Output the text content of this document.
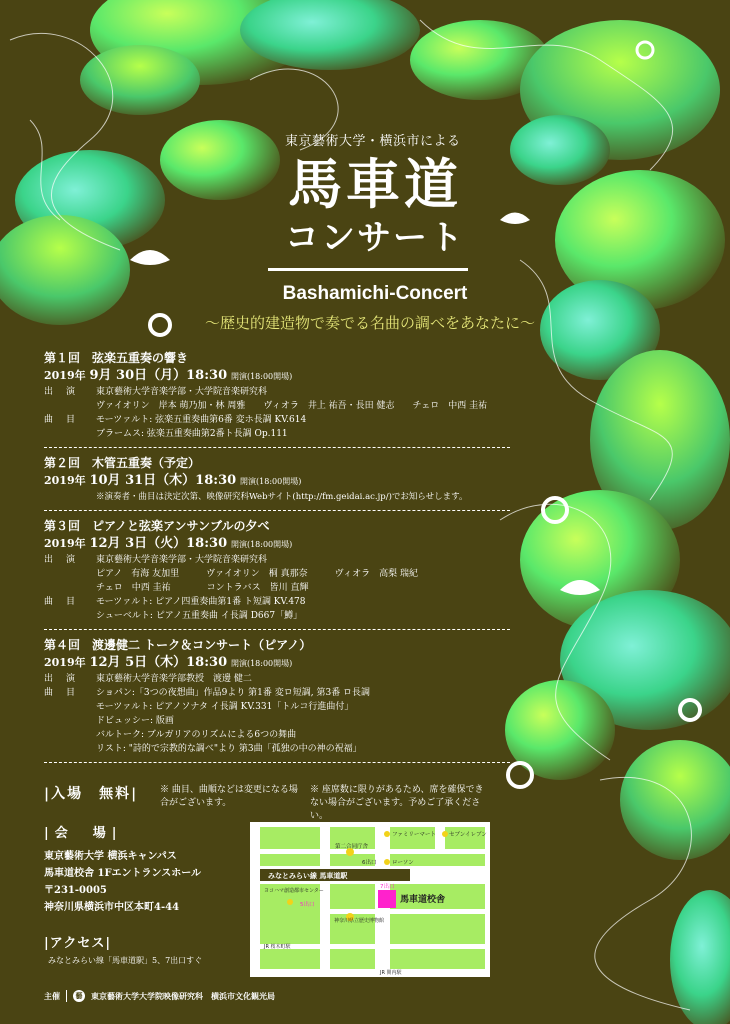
東京藝術大学・横浜市による
馬車道
コンサート
Bashamichi-Concert
〜歴史的建造物で奏でる名曲の調べをあなたに〜
第１回　弦楽五重奏の響き
2019年 9月 30日（月）18:30 開演(18:00開場)
出　演	東京藝術大学音楽学部・大学院音楽研究科
ヴァイオリン　岸本 萌乃加・林 周雅　　ヴィオラ　井上 祐吾・長田 健志　　チェロ　中西 圭祐
曲　目	モーツァルト: 弦楽五重奏曲第6番 変ホ長調 KV.614
ブラームス: 弦楽五重奏曲第2番ト長調 Op.111
第２回　木管五重奏（予定）
2019年 10月 31日（木）18:30 開演(18:00開場)
※演奏者・曲目は決定次第、映像研究科Webサイト(http://fm.geidai.ac.jp/)でお知らせします。
第３回　ピアノと弦楽アンサンブルの夕べ
2019年 12月 3日（火）18:30 開演(18:00開場)
出　演	東京藝術大学音楽学部・大学院音楽研究科
ピアノ　有海 友加里　　　ヴァイオリン　桐 真那奈　　　ヴィオラ　高梨 瑞紀
チェロ　中西 圭祐　　　　コントラバス　皆川 直輝
曲　目	モーツァルト: ピアノ四重奏曲第1番 ト短調 KV.478
シューベルト: ピアノ五重奏曲 イ長調 D667「鱒」
第４回　渡邊健二 トーク＆コンサート（ピアノ）
2019年 12月 5日（木）18:30 開演(18:00開場)
出　演	東京藝術大学音楽学部教授　渡邊 健二
曲　目	ショパン:「3つの夜想曲」作品9より 第1番 変ロ短調, 第3番 ロ長調
モーツァルト: ピアノソナタ イ長調 KV.331「トルコ行進曲付」
ドビュッシー: 版画
バルトーク: ブルガリアのリズムによる6つの舞曲
リスト: "詩的で宗教的な調べ"より 第3曲「孤独の中の神の祝福」
|入場　無料| ※ 曲目、曲順などは変更になる場合がございます。
※ 座席数に限りがあるため、席を確保できない場合がございます。予めご了承ください。
|会　場|
東京藝術大学 横浜キャンパス
馬車道校舎 1Fエントランスホール
〒231-0005
神奈川県横浜市中区本町4-44
|アクセス|
みなとみらい線「馬車道駅」5、7出口すぐ
主催	藝	東京藝術大学大学院映像研究科　横浜市文化観光局
みなとみらい線 馬車道駅
馬車道校舎
ファミリーマート セブンイレブン
第二合同庁舎
6出口	ローソン
7出口
ヨコハマ創造都市センター
神奈川県立歴史博物館
5出口
JR 桜木町駅
JR 関内駅
